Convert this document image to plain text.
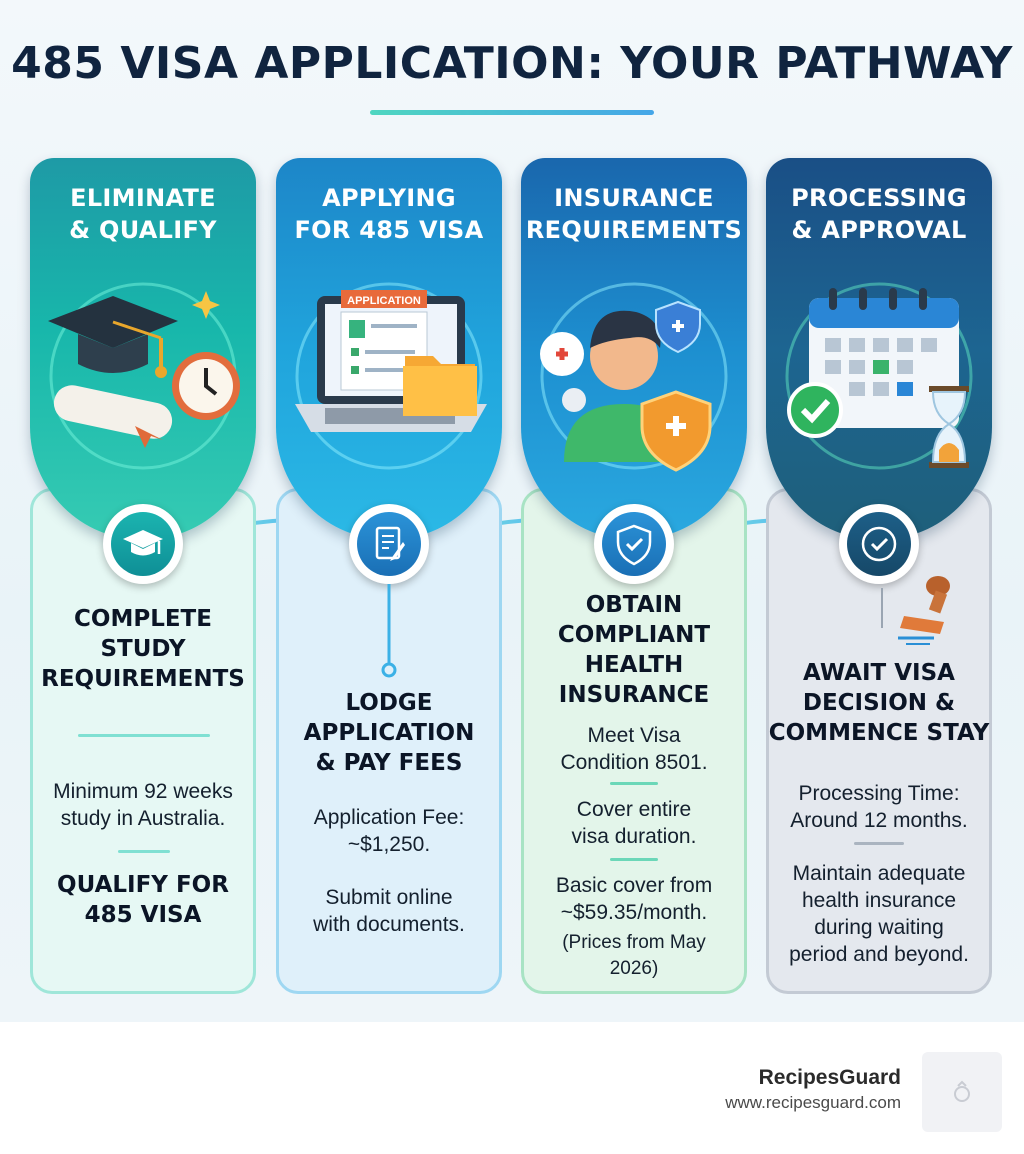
485 VISA APPLICATION: YOUR PATHWAY
ELIMINATE
& QUALIFY
COMPLETE
STUDY
REQUIREMENTS
Minimum 92 weeks
study in Australia.
QUALIFY FOR
485 VISA
APPLYING
FOR 485 VISA
APPLICATION
LODGE
APPLICATION
& PAY FEES
Application Fee:
~$1,250.
Submit online
with documents.
INSURANCE
REQUIREMENTS
OBTAIN
COMPLIANT
HEALTH
INSURANCE
Meet Visa
Condition 8501.
Cover entire
visa duration.
Basic cover from
~$59.35/month.
(Prices from May
2026)
PROCESSING
& APPROVAL
AWAIT VISA
DECISION &
COMMENCE STAY
Processing Time:
Around 12 months.
Maintain adequate
health insurance
during waiting
period and beyond.
RecipesGuard
www.recipesguard.com
